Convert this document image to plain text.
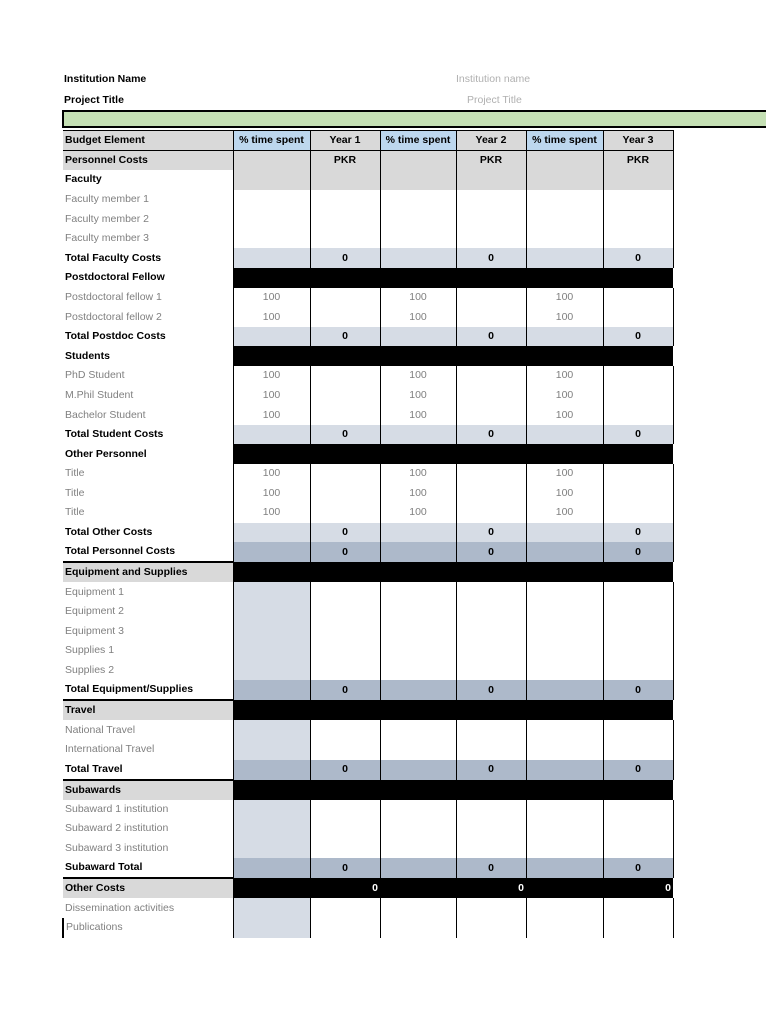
Institution Name	Institution name
Project Title	Project Title
Budget Element	% time spent	Year 1	% time spent	Year 2	% time spent	Year 3
Personnel Costs		PKR		PKR		PKR
Faculty						
Faculty member 1						
Faculty member 2						
Faculty member 3						
Total Faculty Costs		0		0		0
Postdoctoral Fellow						
Postdoctoral fellow 1	100		100		100	
Postdoctoral fellow 2	100		100		100	
Total Postdoc Costs		0		0		0
Students						
PhD Student	100		100		100	
M.Phil Student	100		100		100	
Bachelor Student	100		100		100	
Total Student Costs		0		0		0
Other Personnel						
Title	100		100		100	
Title	100		100		100	
Title	100		100		100	
Total Other Costs		0		0		0
Total Personnel Costs		0		0		0
Equipment and Supplies						
Equipment 1						
Equipment 2						
Equipment 3						
Supplies 1						
Supplies 2						
Total Equipment/Supplies		0		0		0
Travel						
National Travel						
International Travel						
Total Travel		0		0		0
Subawards						
Subaward 1 institution						
Subaward 2 institution						
Subaward 3 institution						
Subaward Total		0		0		0
Other Costs		0		0		0
Dissemination activities						
Publications						
